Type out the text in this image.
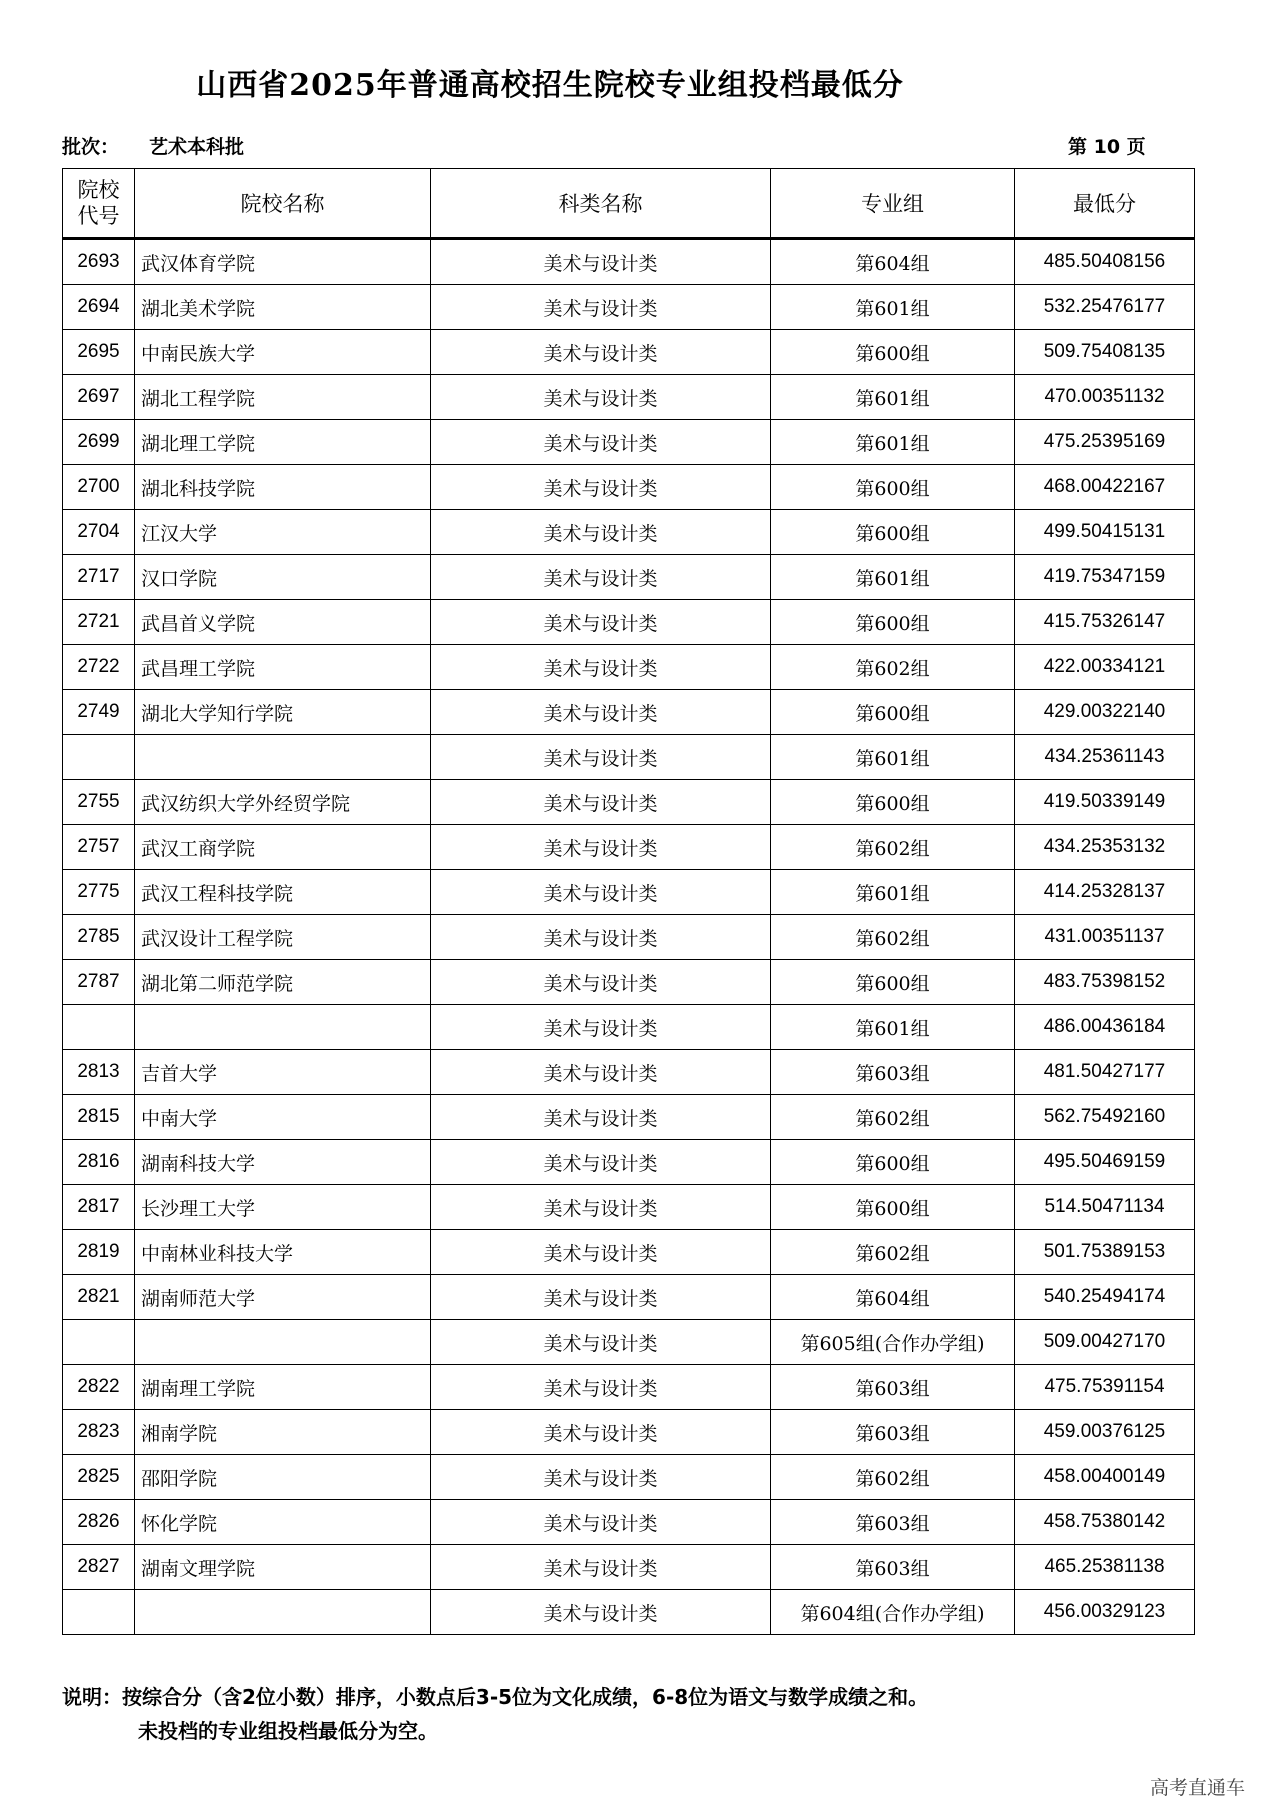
山西省2025年普通高校招生院校专业组投档最低分
批次： 艺术本科批	第 10 页
院校
代号	院校名称	科类名称	专业组	最低分
2693	武汉体育学院	美术与设计类	第604组	485.50408156
2694	湖北美术学院	美术与设计类	第601组	532.25476177
2695	中南民族大学	美术与设计类	第600组	509.75408135
2697	湖北工程学院	美术与设计类	第601组	470.00351132
2699	湖北理工学院	美术与设计类	第601组	475.25395169
2700	湖北科技学院	美术与设计类	第600组	468.00422167
2704	江汉大学	美术与设计类	第600组	499.50415131
2717	汉口学院	美术与设计类	第601组	419.75347159
2721	武昌首义学院	美术与设计类	第600组	415.75326147
2722	武昌理工学院	美术与设计类	第602组	422.00334121
2749	湖北大学知行学院	美术与设计类	第600组	429.00322140
		美术与设计类	第601组	434.25361143
2755	武汉纺织大学外经贸学院	美术与设计类	第600组	419.50339149
2757	武汉工商学院	美术与设计类	第602组	434.25353132
2775	武汉工程科技学院	美术与设计类	第601组	414.25328137
2785	武汉设计工程学院	美术与设计类	第602组	431.00351137
2787	湖北第二师范学院	美术与设计类	第600组	483.75398152
		美术与设计类	第601组	486.00436184
2813	吉首大学	美术与设计类	第603组	481.50427177
2815	中南大学	美术与设计类	第602组	562.75492160
2816	湖南科技大学	美术与设计类	第600组	495.50469159
2817	长沙理工大学	美术与设计类	第600组	514.50471134
2819	中南林业科技大学	美术与设计类	第602组	501.75389153
2821	湖南师范大学	美术与设计类	第604组	540.25494174
		美术与设计类	第605组(合作办学组)	509.00427170
2822	湖南理工学院	美术与设计类	第603组	475.75391154
2823	湘南学院	美术与设计类	第603组	459.00376125
2825	邵阳学院	美术与设计类	第602组	458.00400149
2826	怀化学院	美术与设计类	第603组	458.75380142
2827	湖南文理学院	美术与设计类	第603组	465.25381138
		美术与设计类	第604组(合作办学组)	456.00329123
说明：按综合分（含2位小数）排序，小数点后3-5位为文化成绩，6-8位为语文与数学成绩之和。
未投档的专业组投档最低分为空。
高考直通车
